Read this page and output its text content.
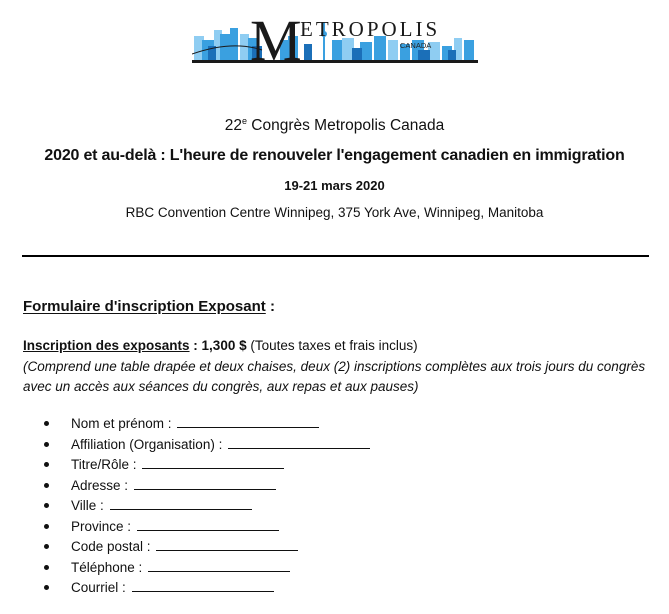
M
ETROPOLIS
CANADA
22e Congrès Metropolis Canada
2020 et au-delà : L'heure de renouveler l'engagement canadien en immigration
19-21 mars 2020
RBC Convention Centre Winnipeg, 375 York Ave, Winnipeg, Manitoba
Formulaire d'inscription Exposant :
Inscription des exposants : 1,300 $ (Toutes taxes et frais inclus)
(Comprend une table drapée et deux chaises, deux (2) inscriptions complètes aux trois jours du congrès avec un accès aux séances du congrès, aux repas et aux pauses)
Nom et prénom :
Affiliation (Organisation) :
Titre/Rôle :
Adresse :
Ville :
Province :
Code postal :
Téléphone :
Courriel :
